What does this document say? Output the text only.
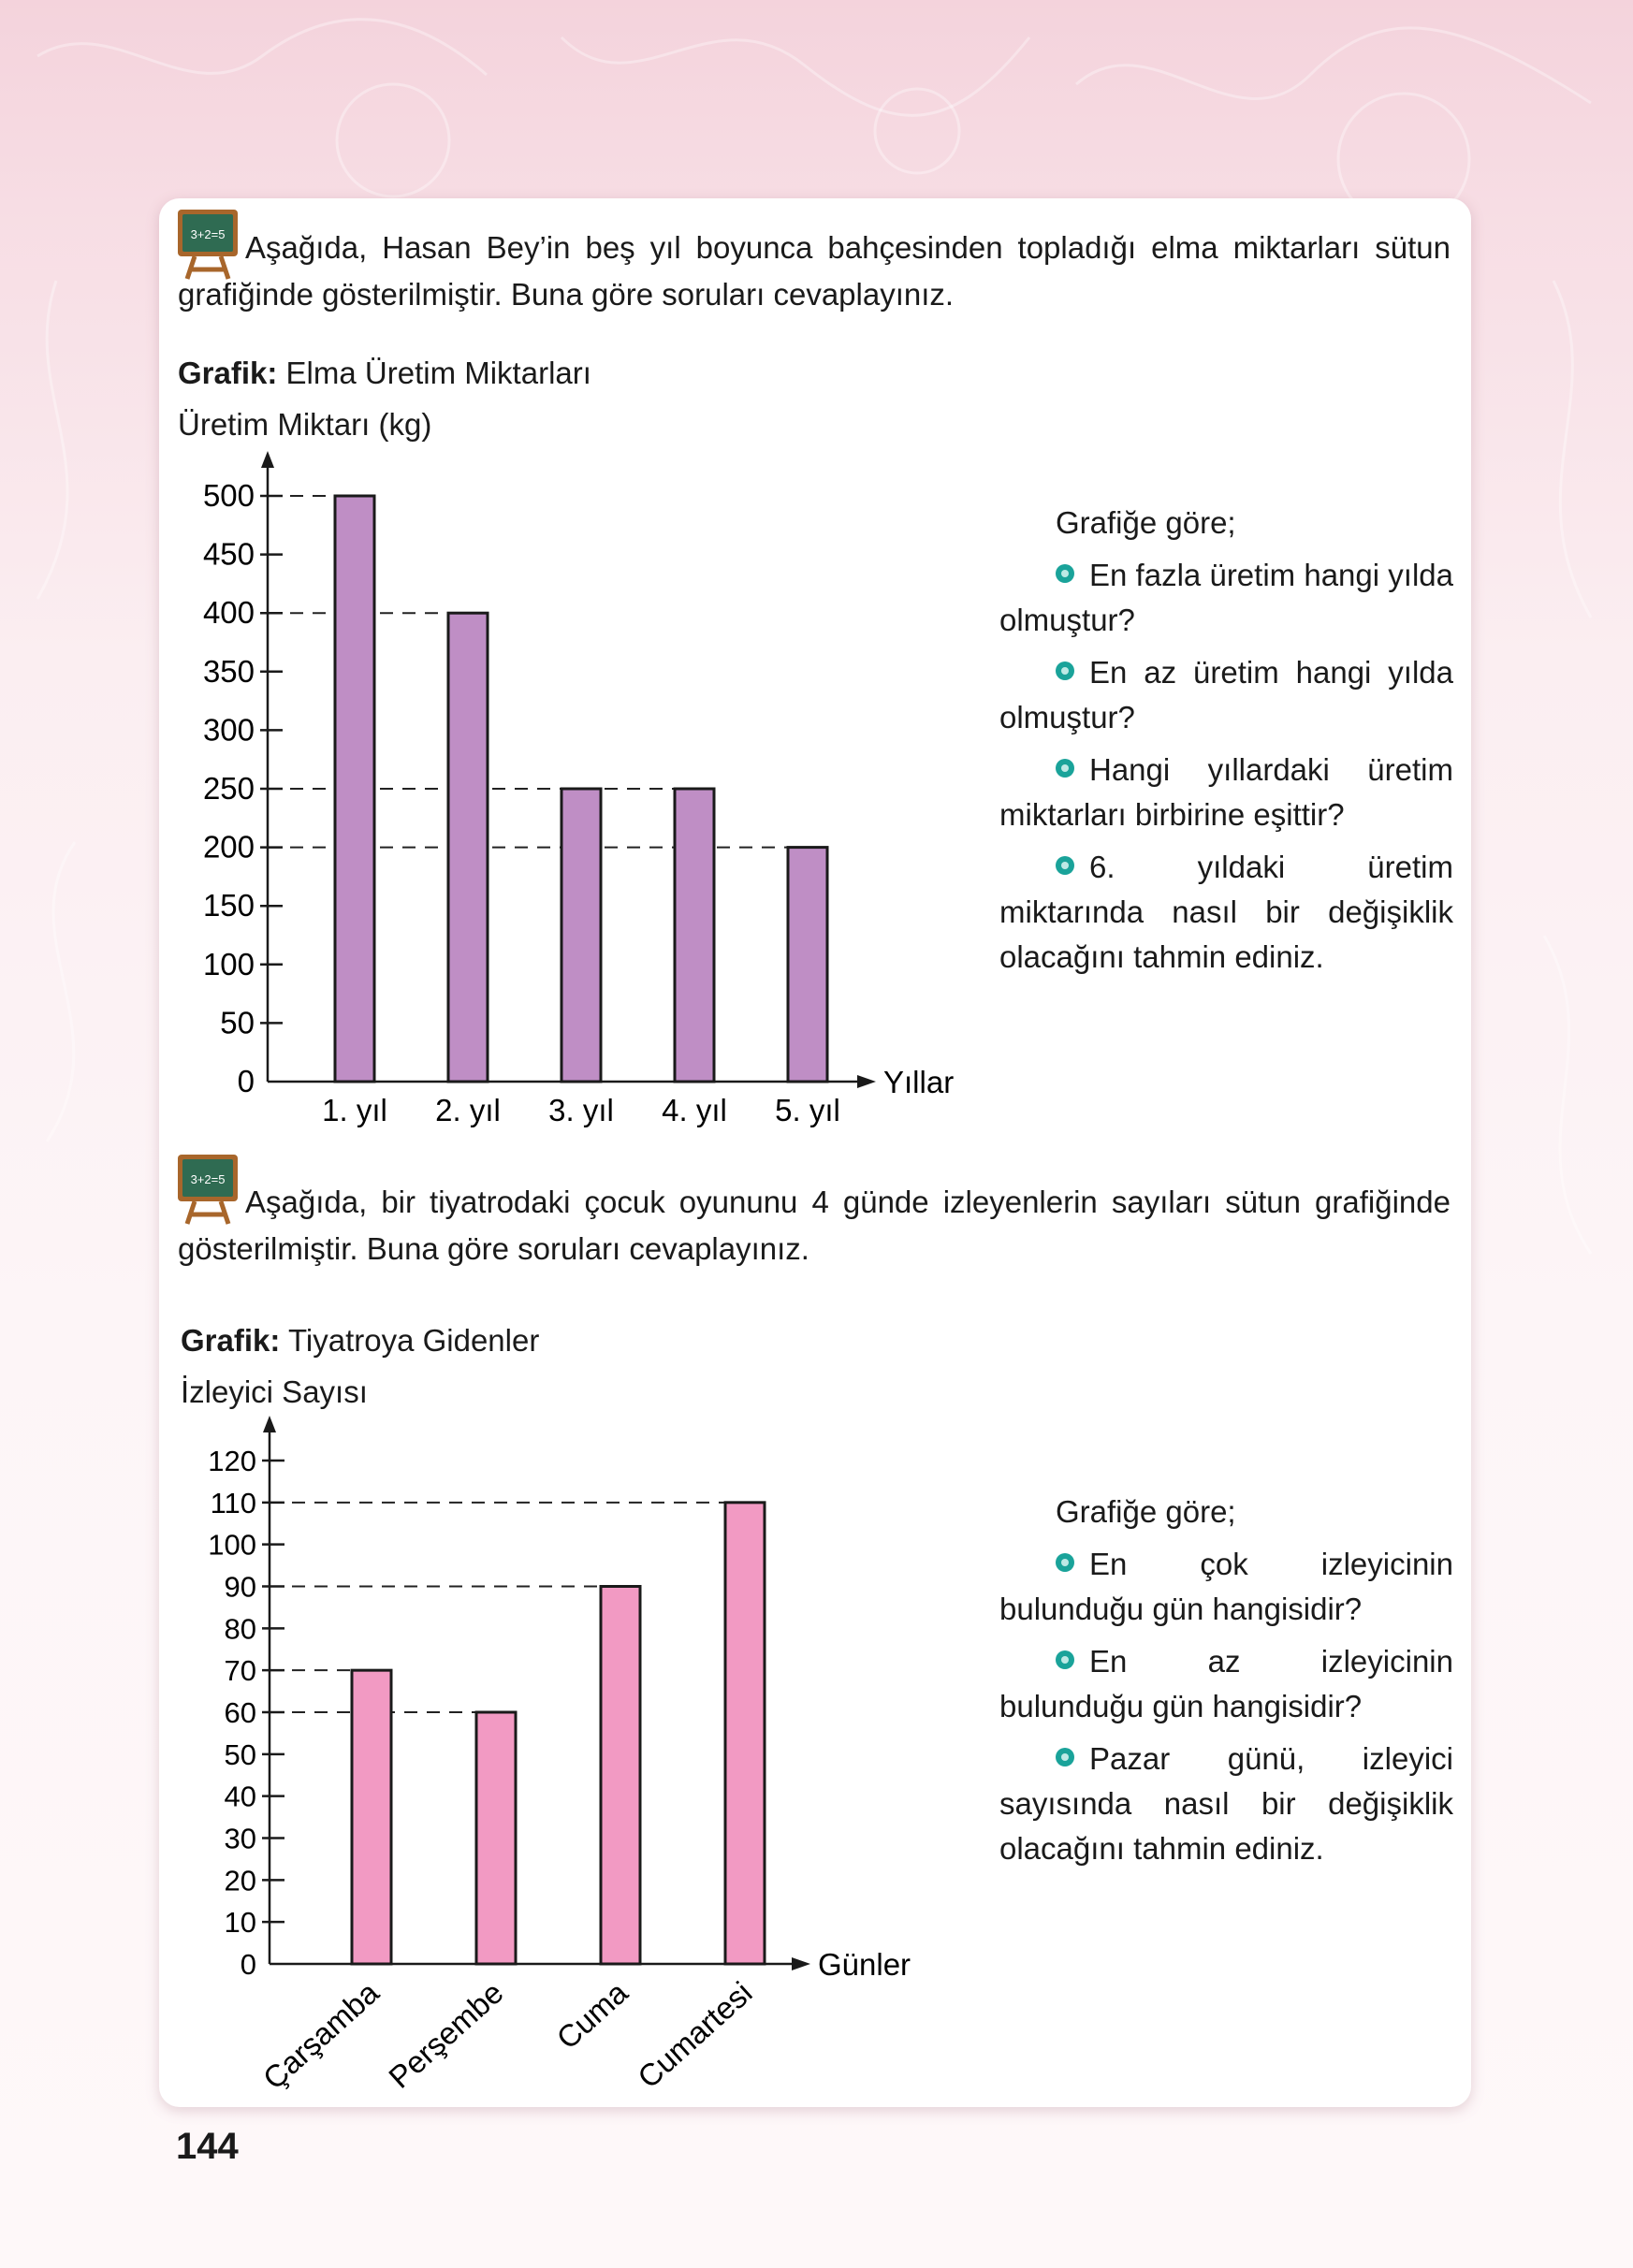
3+2=5 Aşağıda, Hasan Bey’in beş yıl boyunca bahçesinden topladığı elma miktarları sütun grafiğinde gösterilmiştir. Buna göre soruları cevaplayınız.

Grafik: Elma Üretim Miktarları

Üretim Miktarı (kg)

Yıllar
0
50
100
150
200
250
300
350
400
450
500
1. yıl 2. yıl 3. yıl 4. yıl 5. yıl
Grafiğe göre;

En fazla üretim hangi yılda olmuştur?

En az üretim hangi yılda olmuştur?

Hangi yıllardaki üretim miktarları birbirine eşittir?

6. yıldaki üretim miktarında nasıl bir değişiklik olacağını tahmin ediniz.

3+2=5

Aşağıda, bir tiyatrodaki çocuk oyununu 4 günde izleyenlerin sayıları sütun grafiğinde gösterilmiştir. Buna göre soruları cevaplayınız.

Grafik: Tiyatroya Gidenler

İzleyici Sayısı

Günler
0
10
20
30
40
50
60
70
80
90
100
110
120
Çarşamba
Perşembe Cuma
Cumartesi
Grafiğe göre;

En çok izleyicinin bulunduğu gün hangisidir?

En az izleyicinin bulunduğu gün hangisidir?

Pazar günü, izleyici sayısında nasıl bir değişiklik olacağını tahmin ediniz.

144
